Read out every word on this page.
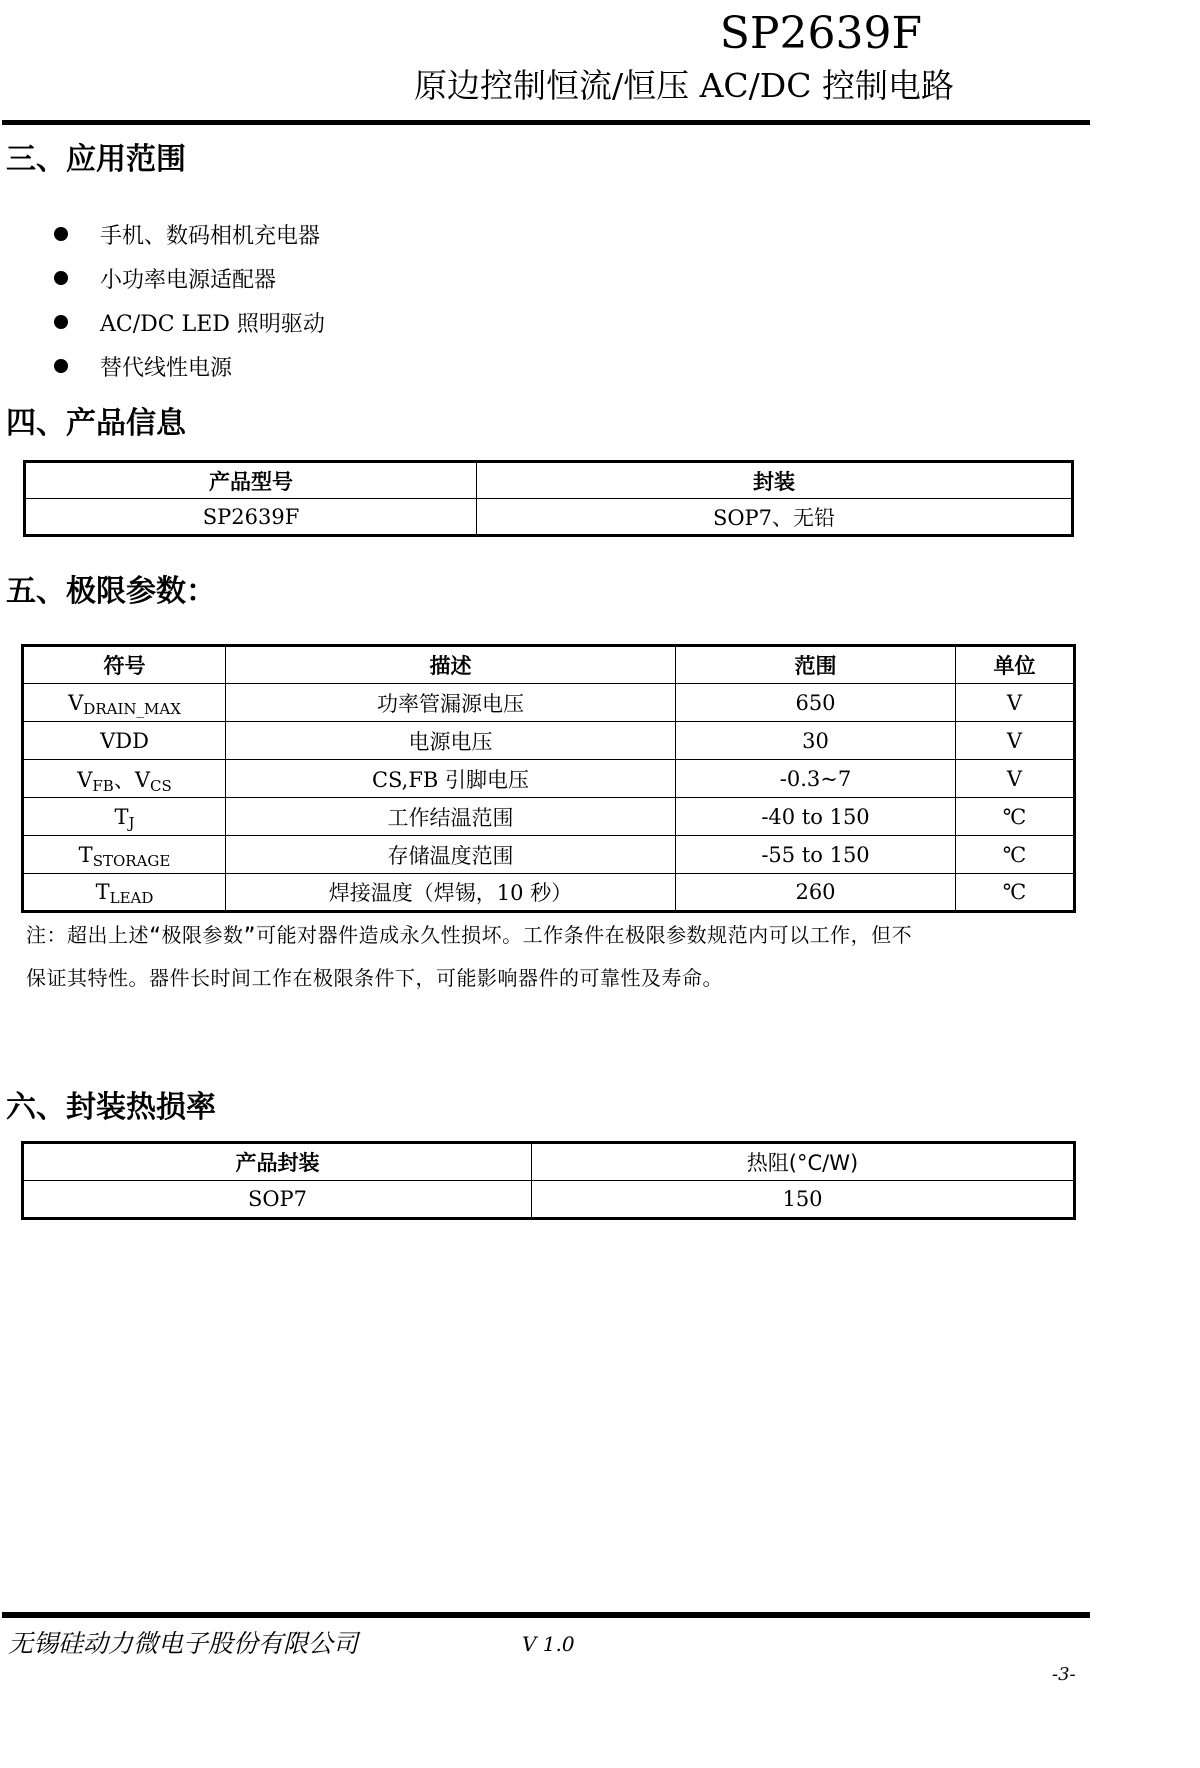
SP2639F
原边控制恒流/恒压 AC/DC 控制电路
三、应用范围
手机、数码相机充电器
小功率电源适配器
AC/DC LED 照明驱动
替代线性电源
四、产品信息
产品型号	封装
SP2639F	SOP7、无铅
五、极限参数：
符号	描述	范围	单位
$V_{DRAIN\_MAX}$	功率管漏源电压	650	V
VDD	电源电压	30	V
$V_{FB}$、$V_{CS}$	CS,FB 引脚电压	-0.3~7	V
$T_J$	工作结温范围	-40 to 150	℃
$T_{STORAGE}$	存储温度范围	-55 to 150	℃
$T_{LEAD}$	焊接温度（焊锡，10 秒）	260	℃
注：超出上述“极限参数”可能对器件造成永久性损坏。工作条件在极限参数规范内可以工作，但不
保证其特性。器件长时间工作在极限条件下，可能影响器件的可靠性及寿命。
六、封装热损率
产品封装	热阻(°C/W)
SOP7	150
无锡硅动力微电子股份有限公司	V 1.0
-3-
